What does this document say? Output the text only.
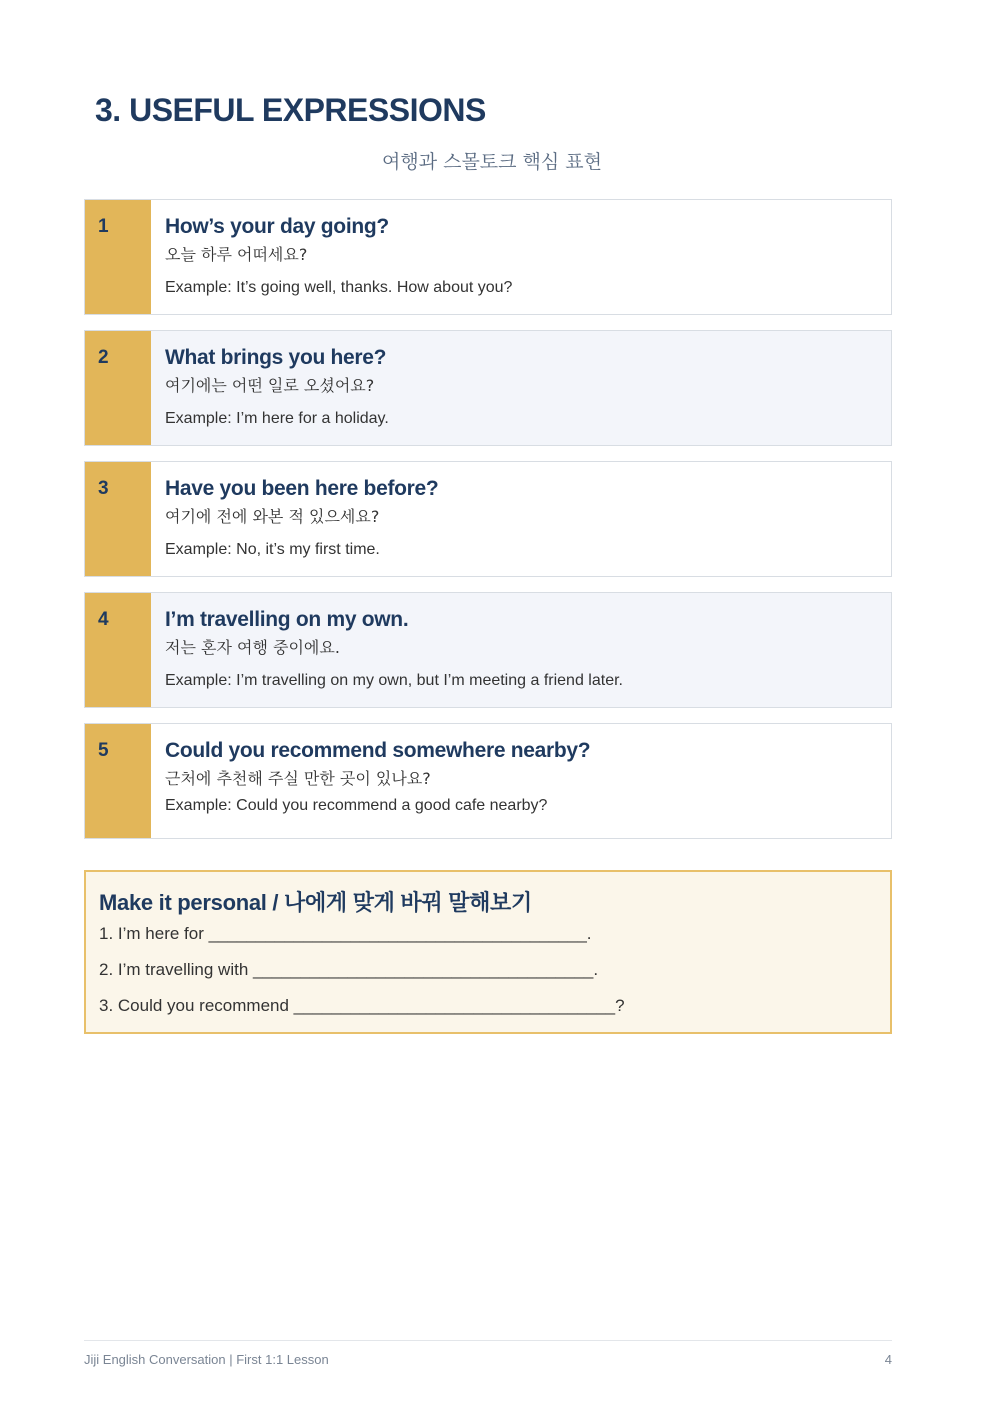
3. USEFUL EXPRESSIONS
여행과 스몰토크 핵심 표현
1	How’s your day going?
오늘 하루 어떠세요?
Example: It’s going well, thanks. How about you?
2	What brings you here?
여기에는 어떤 일로 오셨어요?
Example: I’m here for a holiday.
3	Have you been here before?
여기에 전에 와본 적 있으세요?
Example: No, it’s my first time.
4	I’m travelling on my own.
저는 혼자 여행 중이에요.
Example: I’m travelling on my own, but I’m meeting a friend later.
5	Could you recommend somewhere nearby?
근처에 추천해 주실 만한 곳이 있나요?
Example: Could you recommend a good cafe nearby?
Make it personal / 나에게 맞게 바꿔 말해보기
1. I’m here for ________________________________________.
2. I’m travelling with ____________________________________.
3. Could you recommend __________________________________?
Jiji English Conversation | First 1:1 Lesson	4
